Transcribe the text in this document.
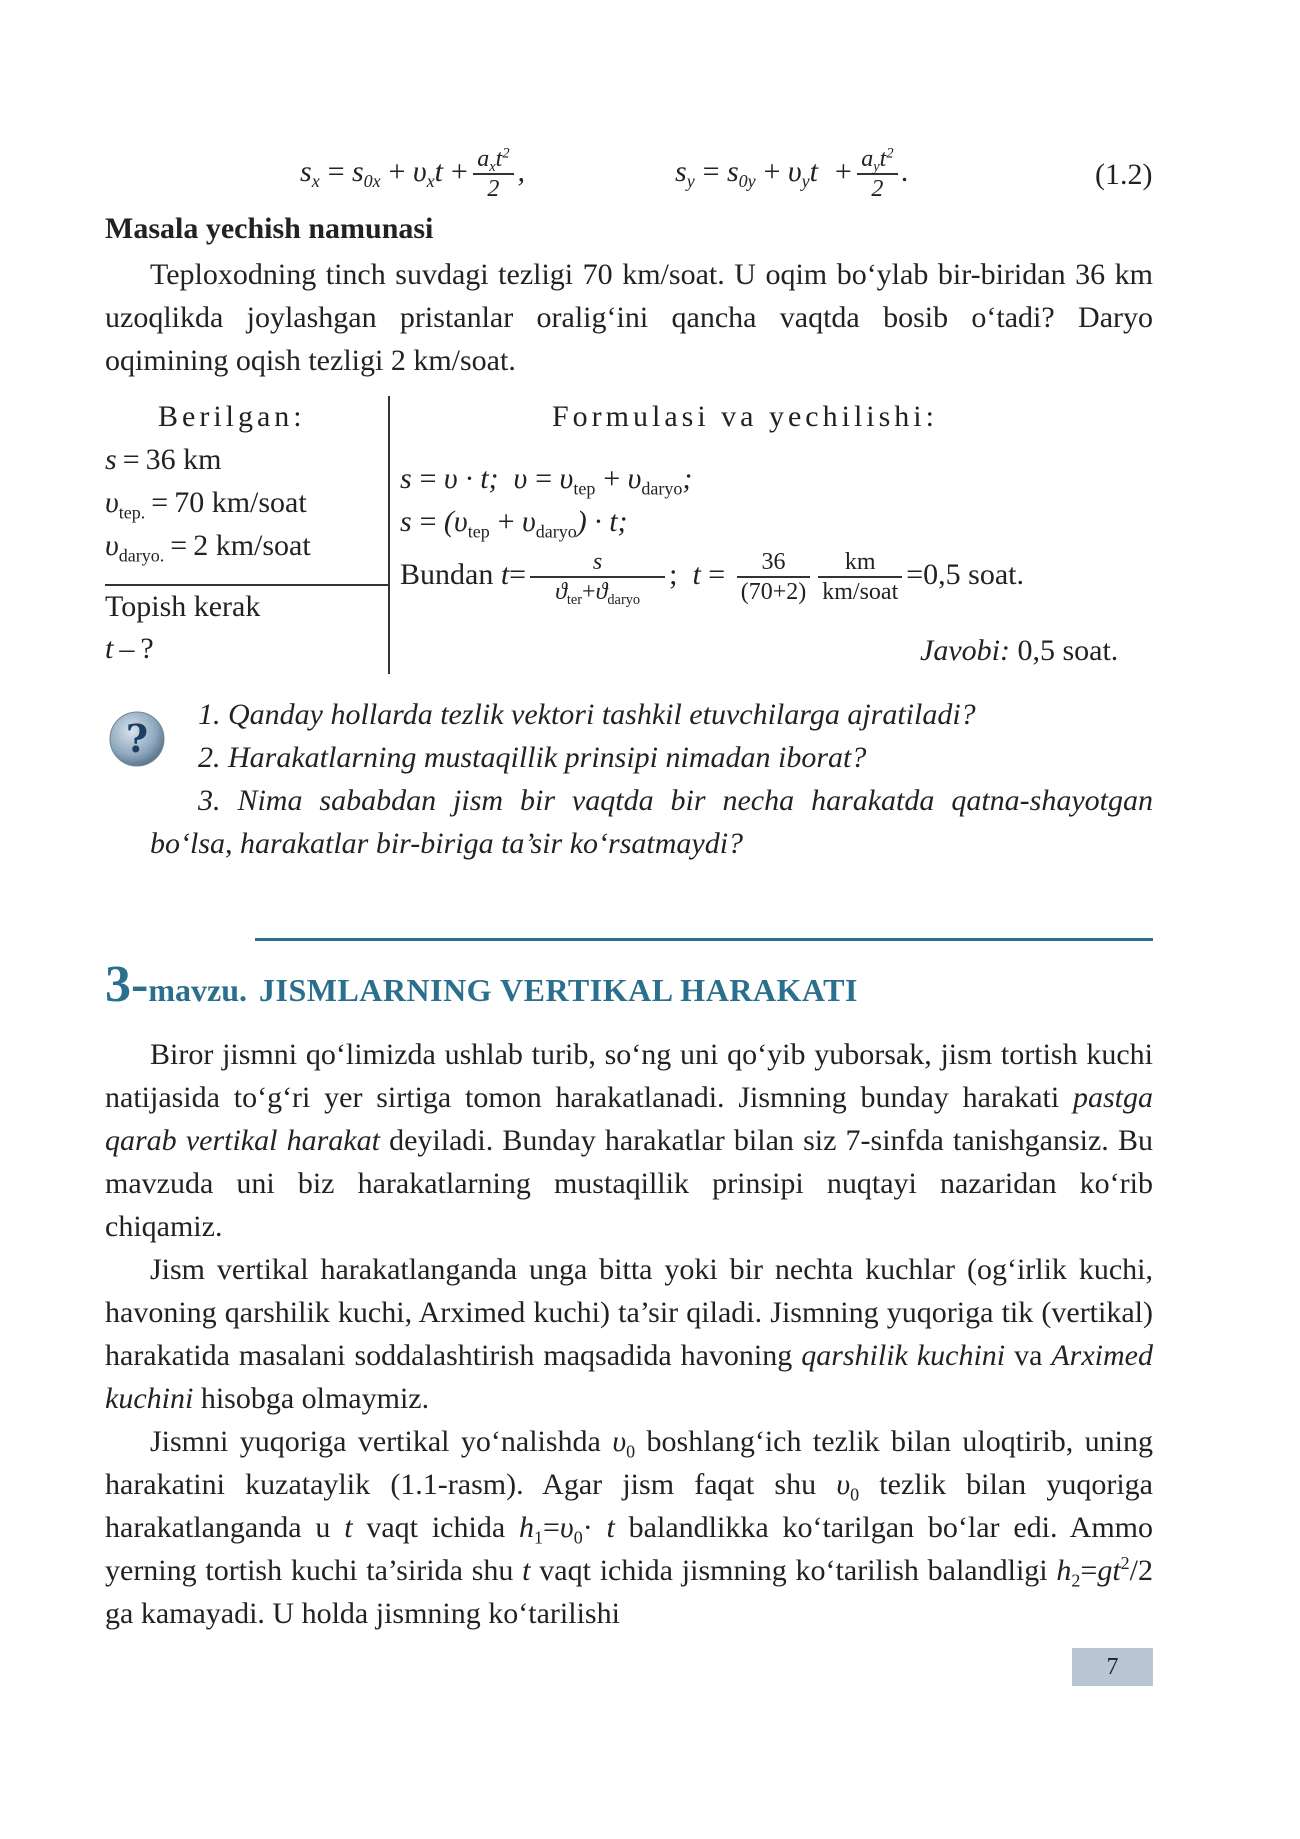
$s_x = s_{0x} + \upsilon_xt + \frac{a_xt^2}{2}$ ,	$s_y = s_{0y} + \upsilon_yt + \frac{a_yt^2}{2}$ .	(1.2)
Masala yechish namunasi

Teploxodning tinch suvdagi tezligi 70 km/soat. U oqim bo‘ylab bir-biridan 36 km uzoqlikda joylashgan pristanlar oralig‘ini qancha vaqtda bosib o‘tadi? Daryo oqimining oqish tezligi 2 km/soat.

Berilgan:
s = 36 km
$\upsilon_{tep.} = 70$ km/soat
$\upsilon_{daryo.} = 2$ km/soat
Topish kerak
t – ?
Formulasi va yechilishi:
s = υ · t;  $\upsilon = \upsilon_{tep} + \upsilon_{daryo}$;
$s = (\upsilon_{tep} + \upsilon_{daryo}) \cdot t$;
Bundan $t= \frac{s}{ϑ_{ter}+ϑ_{daryo}}$ ;  $t = \frac{36}{(70+2)} \frac{km}{\text{km/soat}} =0,5$ soat.
Javobi: 0,5 soat.
?
1. Qanday hollarda tezlik vektori tashkil etuvchilarga ajratiladi?
2. Harakatlarning mustaqillik prinsipi nimadan iborat?
3. Nima sababdan jism bir vaqtda bir necha harakatda qatna-shayotgan bo‘lsa, harakatlar bir-biriga ta’sir ko‘rsatmaydi?
3-mavzu. JISMLARNING VERTIKAL HARAKATI

Biror jismni qo‘limizda ushlab turib, so‘ng uni qo‘yib yuborsak, jism tortish kuchi natijasida to‘g‘ri yer sirtiga tomon harakatlanadi. Jismning bunday harakati pastga qarab vertikal harakat deyiladi. Bunday harakatlar bilan siz 7-sinfda tanishgansiz. Bu mavzuda uni biz harakatlarning mustaqillik prinsipi nuqtayi nazaridan ko‘rib chiqamiz.

Jism vertikal harakatlanganda unga bitta yoki bir nechta kuchlar (og‘irlik kuchi, havoning qarshilik kuchi, Arximed kuchi) ta’sir qiladi. Jismning yuqoriga tik (vertikal) harakatida masalani soddalashtirish maqsadida havoning qarshilik kuchini va Arximed kuchini hisobga olmaymiz.

Jismni yuqoriga vertikal yo‘nalishda $\upsilon_0$ boshlang‘ich tezlik bilan uloqtirib, uning harakatini kuzataylik (1.1-rasm). Agar jism faqat shu $\upsilon_0$ tezlik bilan yuqoriga harakatlanganda u t vaqt ichida $h_1=\upsilon_0\cdot t$ balandlikka ko‘tarilgan bo‘lar edi. Ammo yerning tortish kuchi ta’sirida shu t vaqt ichida jismning ko‘tarilish balandligi $h_2=gt^2/2$ ga kamayadi. U holda jismning ko‘tarilishi

7
